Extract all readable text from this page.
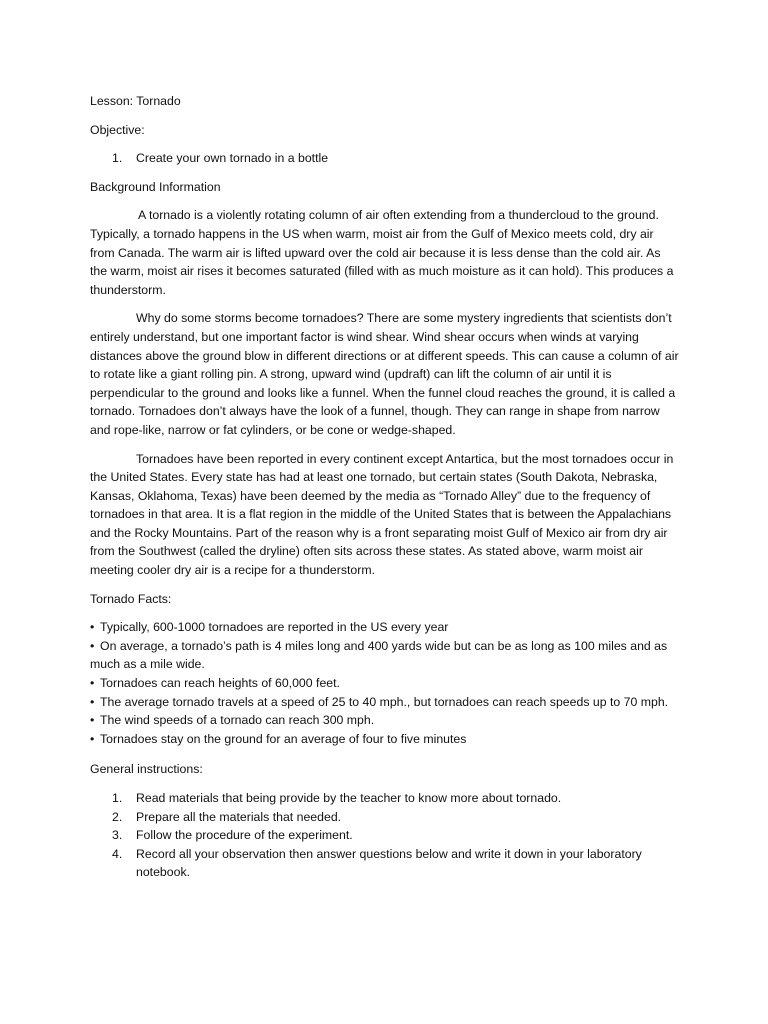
Lesson: Tornado

Objective:

1. Create your own tornado in a bottle

Background Information

A tornado is a violently rotating column of air often extending from a thundercloud to the ground. Typically, a tornado happens in the US when warm, moist air from the Gulf of Mexico meets cold, dry air from Canada. The warm air is lifted upward over the cold air because it is less dense than the cold air. As the warm, moist air rises it becomes saturated (filled with as much moisture as it can hold). This produces a thunderstorm.

Why do some storms become tornadoes? There are some mystery ingredients that scientists don’t entirely understand, but one important factor is wind shear. Wind shear occurs when winds at varying distances above the ground blow in different directions or at different speeds. This can cause a column of air to rotate like a giant rolling pin. A strong, upward wind (updraft) can lift the column of air until it is perpendicular to the ground and looks like a funnel. When the funnel cloud reaches the ground, it is called a tornado. Tornadoes don’t always have the look of a funnel, though. They can range in shape from narrow and rope-like, narrow or fat cylinders, or be cone or wedge-shaped.

Tornadoes have been reported in every continent except Antartica, but the most tornadoes occur in the United States. Every state has had at least one tornado, but certain states (South Dakota, Nebraska, Kansas, Oklahoma, Texas) have been deemed by the media as “Tornado Alley” due to the frequency of tornadoes in that area. It is a flat region in the middle of the United States that is between the Appalachians and the Rocky Mountains. Part of the reason why is a front separating moist Gulf of Mexico air from dry air from the Southwest (called the dryline) often sits across these states. As stated above, warm moist air meeting cooler dry air is a recipe for a thunderstorm.

Tornado Facts:

• Typically, 600-1000 tornadoes are reported in the US every year

• On average, a tornado’s path is 4 miles long and 400 yards wide but can be as long as 100 miles and as much as a mile wide.

• Tornadoes can reach heights of 60,000 feet.

• The average tornado travels at a speed of 25 to 40 mph., but tornadoes can reach speeds up to 70 mph.

• The wind speeds of a tornado can reach 300 mph.

• Tornadoes stay on the ground for an average of four to five minutes

General instructions:

1. Read materials that being provide by the teacher to know more about tornado.
2. Prepare all the materials that needed.
3. Follow the procedure of the experiment.
4. Record all your observation then answer questions below and write it down in your laboratory notebook.
